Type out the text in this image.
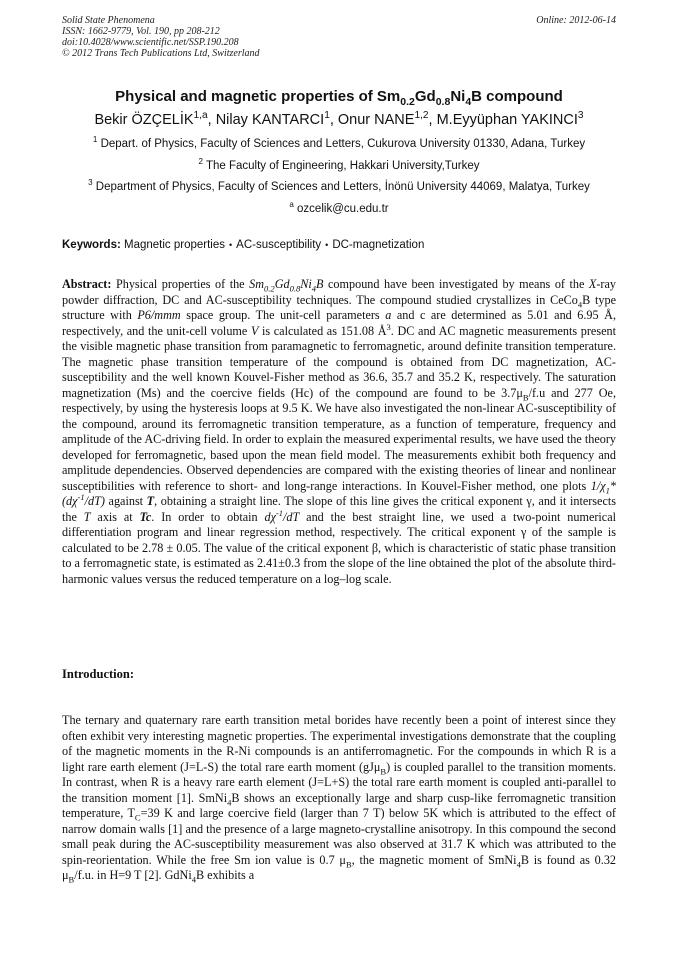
Solid State Phenomena
ISSN: 1662-9779, Vol. 190, pp 208-212
doi:10.4028/www.scientific.net/SSP.190.208
© 2012 Trans Tech Publications Ltd, Switzerland
Online: 2012-06-14
Physical and magnetic properties of $Sm_{0.2}Gd_{0.8}Ni_4B$ compound
Bekir ÖZÇELİK$^{1,a}$, Nilay KANTARCI$^1$, Onur NANE$^{1,2}$, M.Eyyüphan YAKINCI$^3$
$^1$ Depart. of Physics, Faculty of Sciences and Letters, Cukurova University 01330, Adana, Turkey
$^2$ The Faculty of Engineering, Hakkari University,Turkey
$^3$ Department of Physics, Faculty of Sciences and Letters, İnönü University 44069, Malatya, Turkey
$^a$ ozcelik@cu.edu.tr
Keywords: Magnetic properties • AC-susceptibility • DC-magnetization
Abstract: Physical properties of the $Sm_{0.2}Gd_{0.8}Ni_4B$ compound have been investigated by means of the X-ray powder diffraction, DC and AC-susceptibility techniques. The compound studied crystallizes in CeCo$_4$B type structure with P6/mmm space group. The unit-cell parameters a and c are determined as 5.01 and 6.95 Å, respectively, and the unit-cell volume V is calculated as 151.08 $Å^3$. DC and AC magnetic measurements present the visible magnetic phase transition from paramagnetic to ferromagnetic, around definite transition temperature. The magnetic phase transition temperature of the compound is obtained from DC magnetization, AC-susceptibility and the well known Kouvel-Fisher method as 36.6, 35.7 and 35.2 K, respectively. The saturation magnetization (Ms) and the coercive fields (Hc) of the compound are found to be $3.7\mu_B/f.u$ and 277 Oe, respectively, by using the hysteresis loops at 9.5 K. We have also investigated the non-linear AC-susceptibility of the compound, around its ferromagnetic transition temperature, as a function of temperature, frequency and amplitude of the AC-driving field. In order to explain the measured experimental results, we have used the theory developed for ferromagnetic, based upon the mean field model. The measurements exhibit both frequency and amplitude dependencies. Observed dependencies are compared with the existing theories of linear and nonlinear susceptibilities with reference to short- and long-range interactions. In Kouvel-Fisher method, one plots $1/\chi_1*(d\chi^{-1}/dT)$ against T, obtaining a straight line. The slope of this line gives the critical exponent γ, and it intersects the T axis at Tc. In order to obtain $d\chi^{-1}/dT$ and the best straight line, we used a two-point numerical differentiation program and linear regression method, respectively. The critical exponent γ of the sample is calculated to be 2.78 ± 0.05. The value of the critical exponent β, which is characteristic of static phase transition to a ferromagnetic state, is estimated as 2.41±0.3 from the slope of the line obtained the plot of the absolute third-harmonic values versus the reduced temperature on a log–log scale.
Introduction:
The ternary and quaternary rare earth transition metal borides have recently been a point of interest since they often exhibit very interesting magnetic properties. The experimental investigations demonstrate that the coupling of the magnetic moments in the R-Ni compounds is an antiferromagnetic. For the compounds in which R is a light rare earth element (J=L-S) the total rare earth moment (gJμ$_B$) is coupled parallel to the transition moments. In contrast, when R is a heavy rare earth element (J=L+S) the total rare earth moment is coupled anti-parallel to the transition moment [1]. SmNi$_4$B shows an exceptionally large and sharp cusp-like ferromagnetic transition temperature, $T_C=39$ K and large coercive field (larger than 7 T) below 5K which is attributed to the effect of narrow domain walls [1] and the presence of a large magneto-crystalline anisotropy. In this compound the second small peak during the AC-susceptibility measurement was also observed at 31.7 K which was attributed to the spin-reorientation. While the free Sm ion value is 0.7 $\mu_B$, the magnetic moment of SmNi$_4$B is found as 0.32 $\mu_B/f.u$. in H=9 T [2]. GdNi$_4$B exhibits a
